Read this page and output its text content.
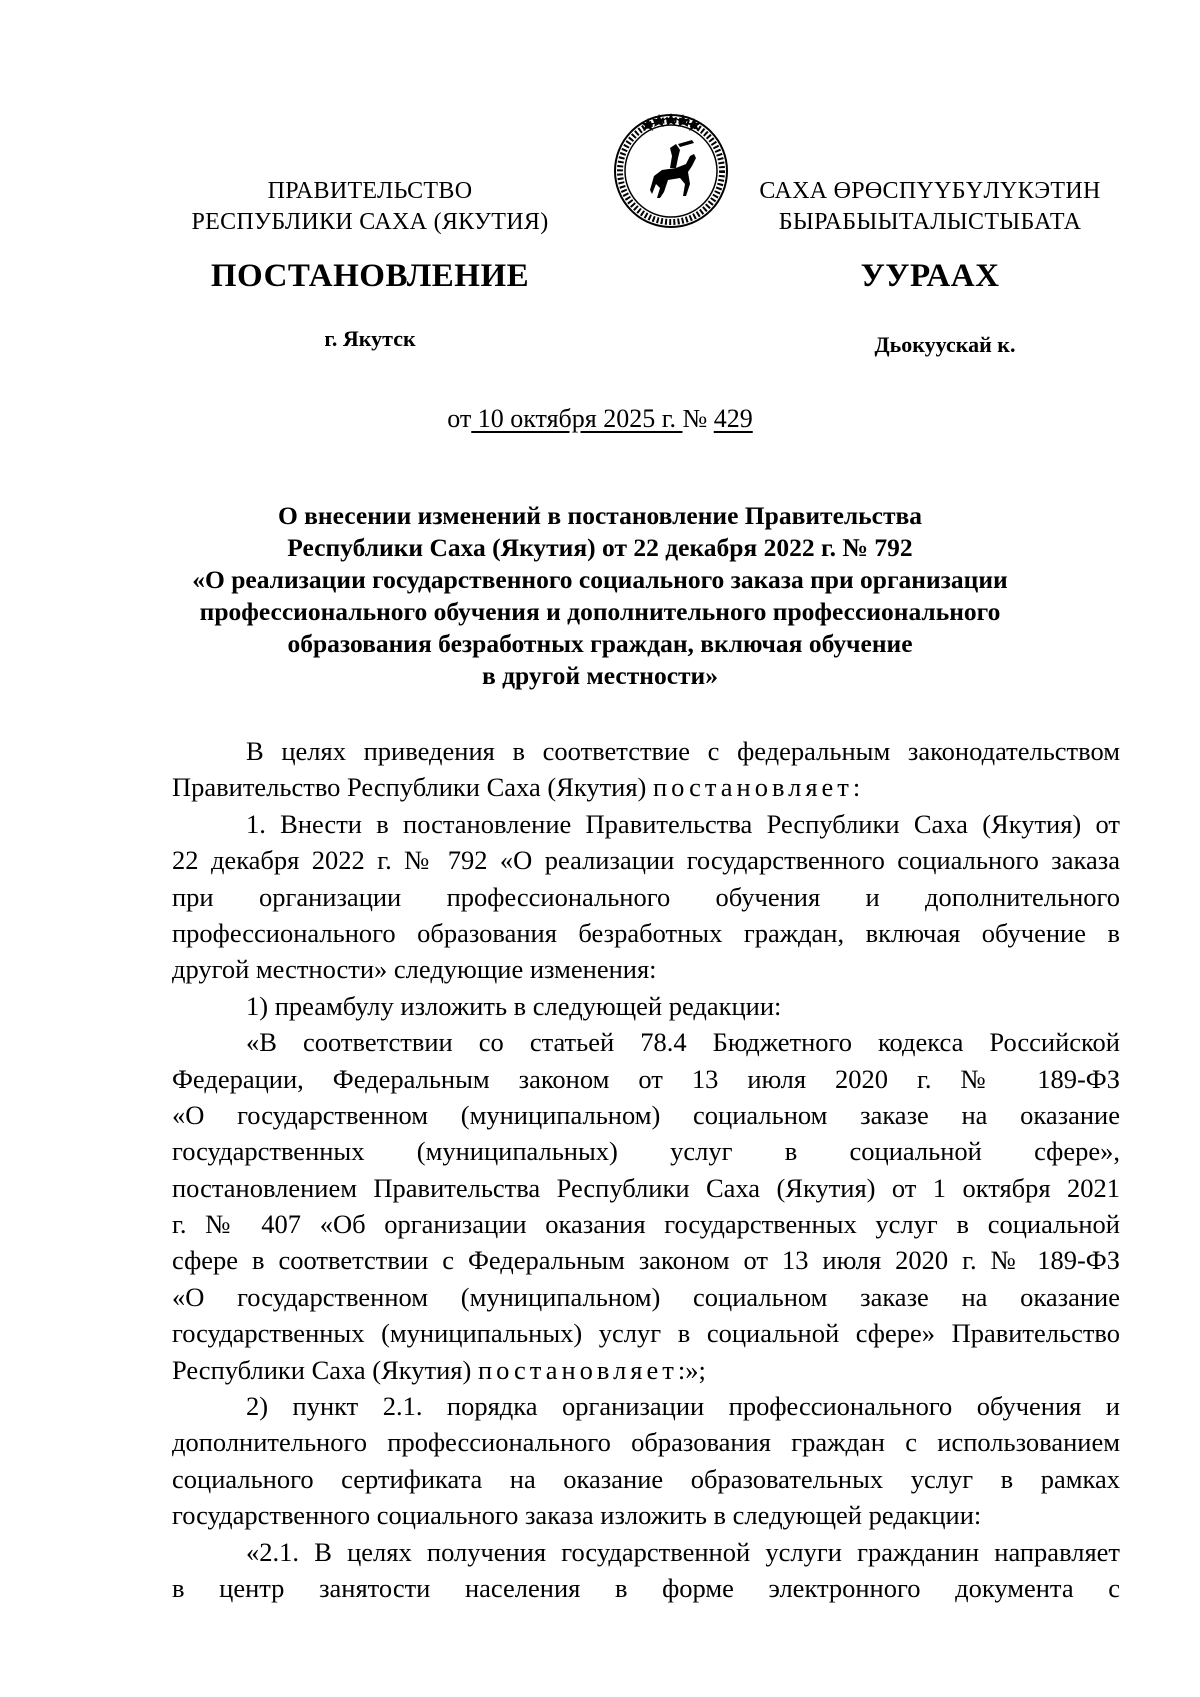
ПРАВИТЕЛЬСТВО
РЕСПУБЛИКИ САХА (ЯКУТИЯ)
САХА ӨРӨСПҮҮБҮЛҮКЭТИН
БЫРАБЫЫТАЛЫСТЫБАТА
ПОСТАНОВЛЕНИЕ	УУРААХ
г. Якутск	Дьокуускай к.
от 10 октября 2025 г. № 429
О внесении изменений в постановление Правительства
Республики Саха (Якутия) от 22 декабря 2022 г. № 792
«О реализации государственного социального заказа при организации
профессионального обучения и дополнительного профессионального
образования безработных граждан, включая обучение
в другой местности»
В целях приведения в соответствие с федеральным законодательством
Правительство Республики Саха (Якутия) постановляет:
1. Внести в постановление Правительства Республики Саха (Якутия) от
22 декабря 2022 г. № 792 «О реализации государственного социального заказа
при организации профессионального обучения и дополнительного
профессионального образования безработных граждан, включая обучение в
другой местности» следующие изменения:
1) преамбулу изложить в следующей редакции:
«В соответствии со статьей 78.4 Бюджетного кодекса Российской
Федерации, Федеральным законом от 13 июля 2020 г. № 189-ФЗ
«О государственном (муниципальном) социальном заказе на оказание
государственных (муниципальных) услуг в социальной сфере»,
постановлением Правительства Республики Саха (Якутия) от 1 октября 2021
г. № 407 «Об организации оказания государственных услуг в социальной
сфере в соответствии с Федеральным законом от 13 июля 2020 г. № 189-ФЗ
«О государственном (муниципальном) социальном заказе на оказание
государственных (муниципальных) услуг в социальной сфере» Правительство
Республики Саха (Якутия) постановляет:»;
2) пункт 2.1. порядка организации профессионального обучения и
дополнительного профессионального образования граждан с использованием
социального сертификата на оказание образовательных услуг в рамках
государственного социального заказа изложить в следующей редакции:
«2.1. В целях получения государственной услуги гражданин направляет
в центр занятости населения в форме электронного документа с
